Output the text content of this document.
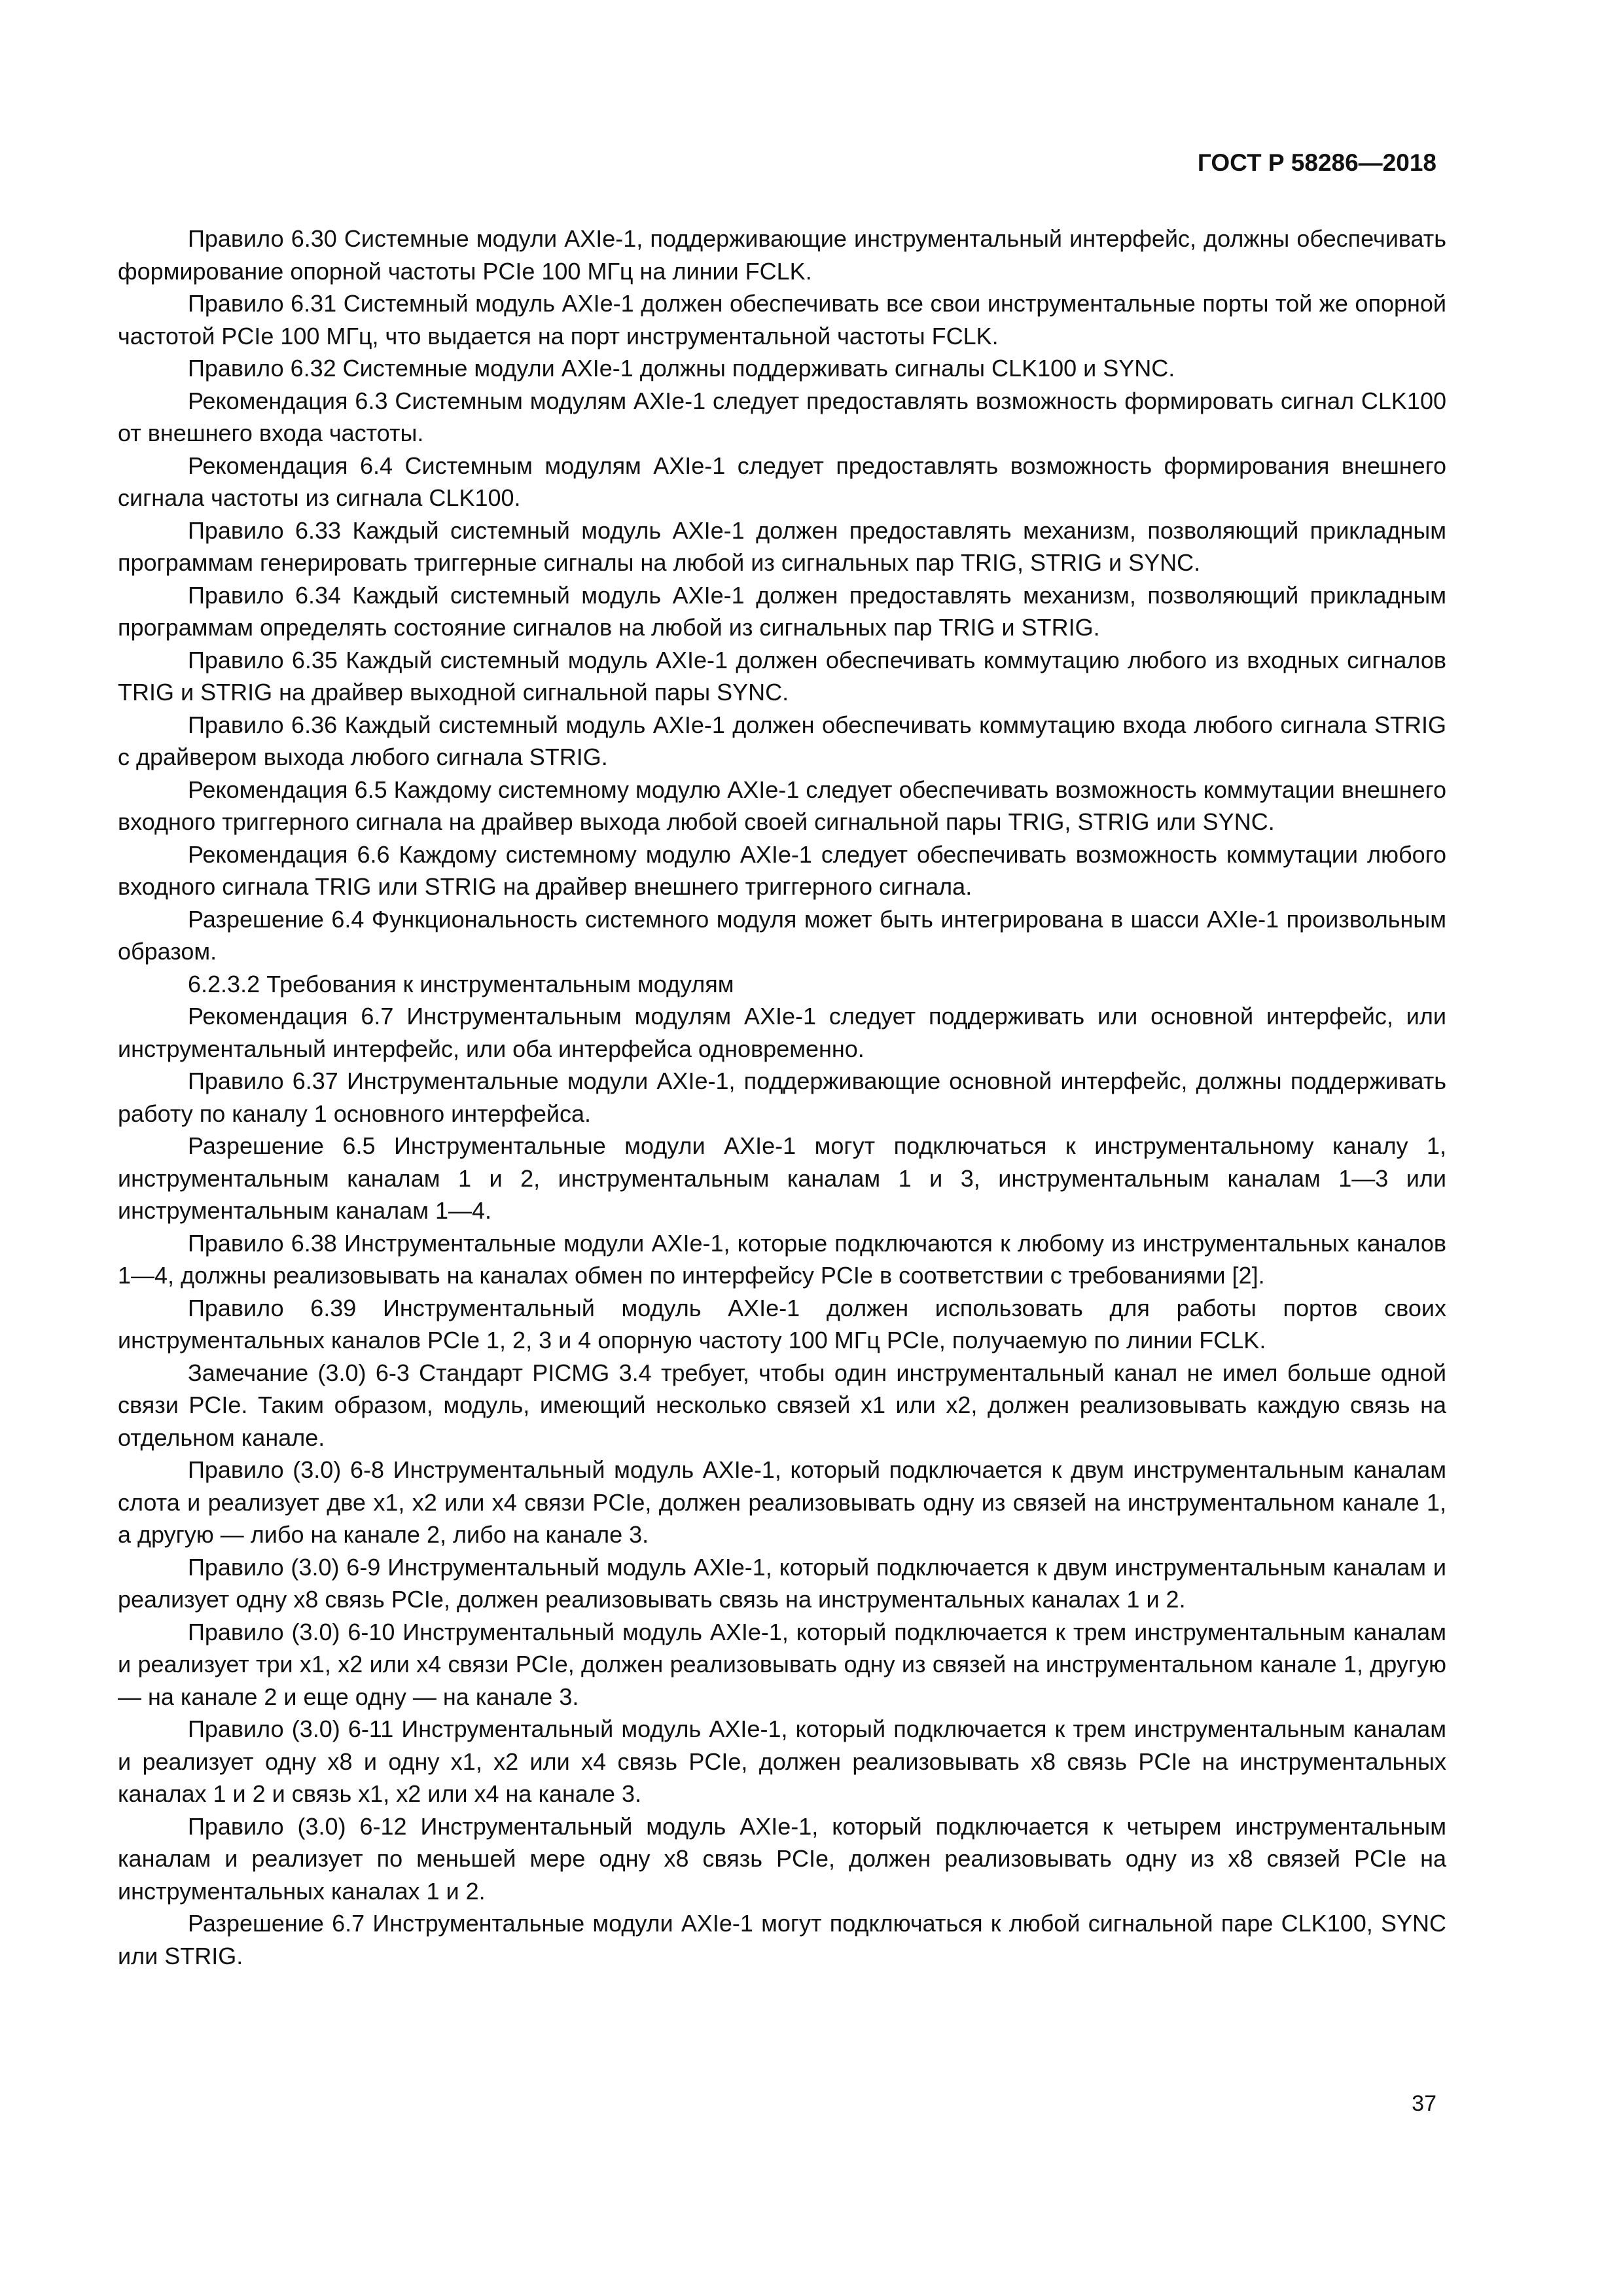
ГОСТ Р 58286—2018

Правило 6.30 Системные модули AXIe-1, поддерживающие инструментальный интерфейс, должны обеспечивать формирование опорной частоты PCIe 100 МГц на линии FCLK.

Правило 6.31 Системный модуль AXIe-1 должен обеспечивать все свои инструментальные порты той же опорной частотой PCIe 100 МГц, что выдается на порт инструментальной частоты FCLK.

Правило 6.32 Системные модули AXIe-1 должны поддерживать сигналы CLK100 и SYNC.

Рекомендация 6.3 Системным модулям AXIe-1 следует предоставлять возможность формировать сигнал CLK100 от внешнего входа частоты.

Рекомендация 6.4 Системным модулям AXIe-1 следует предоставлять возможность формирования внешнего сигнала частоты из сигнала CLK100.

Правило 6.33 Каждый системный модуль AXIe-1 должен предоставлять механизм, позволяющий прикладным программам генерировать триггерные сигналы на любой из сигнальных пар TRIG, STRIG и SYNC.

Правило 6.34 Каждый системный модуль AXIe-1 должен предоставлять механизм, позволяющий прикладным программам определять состояние сигналов на любой из сигнальных пар TRIG и STRIG.

Правило 6.35 Каждый системный модуль AXIe-1 должен обеспечивать коммутацию любого из входных сигналов TRIG и STRIG на драйвер выходной сигнальной пары SYNC.

Правило 6.36 Каждый системный модуль AXIe-1 должен обеспечивать коммутацию входа любого сигнала STRIG с драйвером выхода любого сигнала STRIG.

Рекомендация 6.5 Каждому системному модулю AXIe-1 следует обеспечивать возможность коммутации внешнего входного триггерного сигнала на драйвер выхода любой своей сигнальной пары TRIG, STRIG или SYNC.

Рекомендация 6.6 Каждому системному модулю AXIe-1 следует обеспечивать возможность коммутации любого входного сигнала TRIG или STRIG на драйвер внешнего триггерного сигнала.

Разрешение 6.4 Функциональность системного модуля может быть интегрирована в шасси AXIe-1 произвольным образом.

6.2.3.2 Требования к инструментальным модулям

Рекомендация 6.7 Инструментальным модулям AXIe-1 следует поддерживать или основной интерфейс, или инструментальный интерфейс, или оба интерфейса одновременно.

Правило 6.37 Инструментальные модули AXIe-1, поддерживающие основной интерфейс, должны поддерживать работу по каналу 1 основного интерфейса.

Разрешение 6.5 Инструментальные модули AXIe-1 могут подключаться к инструментальному каналу 1, инструментальным каналам 1 и 2, инструментальным каналам 1 и 3, инструментальным каналам 1—3 или инструментальным каналам 1—4.

Правило 6.38 Инструментальные модули AXIe-1, которые подключаются к любому из инструментальных каналов 1—4, должны реализовывать на каналах обмен по интерфейсу PCIe в соответствии с требованиями [2].

Правило 6.39 Инструментальный модуль AXIe-1 должен использовать для работы портов своих инструментальных каналов PCIe 1, 2, 3 и 4 опорную частоту 100 МГц PCIe, получаемую по линии FCLK.

Замечание (3.0) 6-3 Стандарт PICMG 3.4 требует, чтобы один инструментальный канал не имел больше одной связи PCIe. Таким образом, модуль, имеющий несколько связей x1 или x2, должен реализовывать каждую связь на отдельном канале.

Правило (3.0) 6-8 Инструментальный модуль AXIe-1, который подключается к двум инструментальным каналам слота и реализует две x1, x2 или x4 связи PCIe, должен реализовывать одну из связей на инструментальном канале 1, а другую — либо на канале 2, либо на канале 3.

Правило (3.0) 6-9 Инструментальный модуль AXIe-1, который подключается к двум инструментальным каналам и реализует одну x8 связь PCIe, должен реализовывать связь на инструментальных каналах 1 и 2.

Правило (3.0) 6-10 Инструментальный модуль AXIe-1, который подключается к трем инструментальным каналам и реализует три x1, x2 или x4 связи PCIe, должен реализовывать одну из связей на инструментальном канале 1, другую — на канале 2 и еще одну — на канале 3.

Правило (3.0) 6-11 Инструментальный модуль AXIe-1, который подключается к трем инструментальным каналам и реализует одну x8 и одну x1, x2 или x4 связь PCIe, должен реализовывать x8 связь PCIe на инструментальных каналах 1 и 2 и связь x1, x2 или x4 на канале 3.

Правило (3.0) 6-12 Инструментальный модуль AXIe-1, который подключается к четырем инструментальным каналам и реализует по меньшей мере одну x8 связь PCIe, должен реализовывать одну из x8 связей PCIe на инструментальных каналах 1 и 2.

Разрешение 6.7 Инструментальные модули AXIe-1 могут подключаться к любой сигнальной паре CLK100, SYNC или STRIG.

37
